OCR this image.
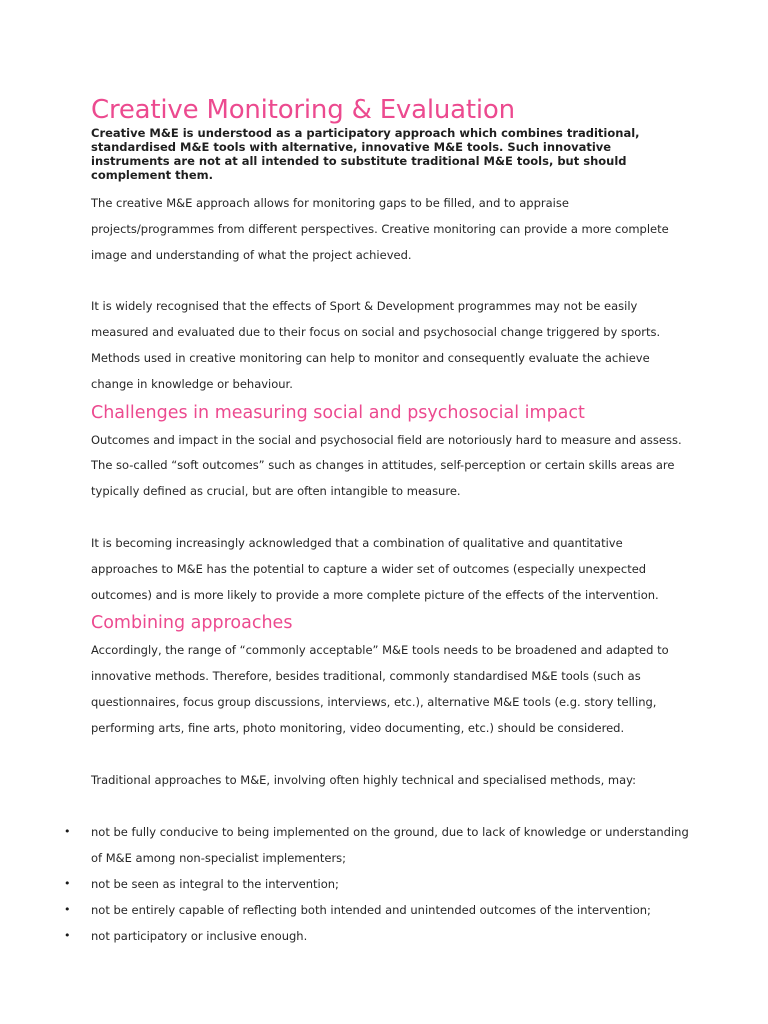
Creative Monitoring & Evaluation

Creative M&E is understood as a participatory approach which combines traditional, standardised M&E tools with alternative, innovative M&E tools. Such innovative instruments are not at all intended to substitute traditional M&E tools, but should complement them.

The creative M&E approach allows for monitoring gaps to be filled, and to appraise projects/programmes from different perspectives. Creative monitoring can provide a more complete image and understanding of what the project achieved.

It is widely recognised that the effects of Sport & Development programmes may not be easily measured and evaluated due to their focus on social and psychosocial change triggered by sports. Methods used in creative monitoring can help to monitor and consequently evaluate the achieve change in knowledge or behaviour.

Challenges in measuring social and psychosocial impact

Outcomes and impact in the social and psychosocial field are notoriously hard to measure and assess. The so-called “soft outcomes” such as changes in attitudes, self-perception or certain skills areas are typically defined as crucial, but are often intangible to measure.

It is becoming increasingly acknowledged that a combination of qualitative and quantitative approaches to M&E has the potential to capture a wider set of outcomes (especially unexpected outcomes) and is more likely to provide a more complete picture of the effects of the intervention.

Combining approaches

Accordingly, the range of “commonly acceptable” M&E tools needs to be broadened and adapted to innovative methods. Therefore, besides traditional, commonly standardised M&E tools (such as questionnaires, focus group discussions, interviews, etc.), alternative M&E tools (e.g. story telling, performing arts, fine arts, photo monitoring, video documenting, etc.) should be considered.

Traditional approaches to M&E, involving often highly technical and specialised methods, may:

• not be fully conducive to being implemented on the ground, due to lack of knowledge or understanding of M&E among non-specialist implementers;
• not be seen as integral to the intervention;
• not be entirely capable of reflecting both intended and unintended outcomes of the intervention;
• not participatory or inclusive enough.
